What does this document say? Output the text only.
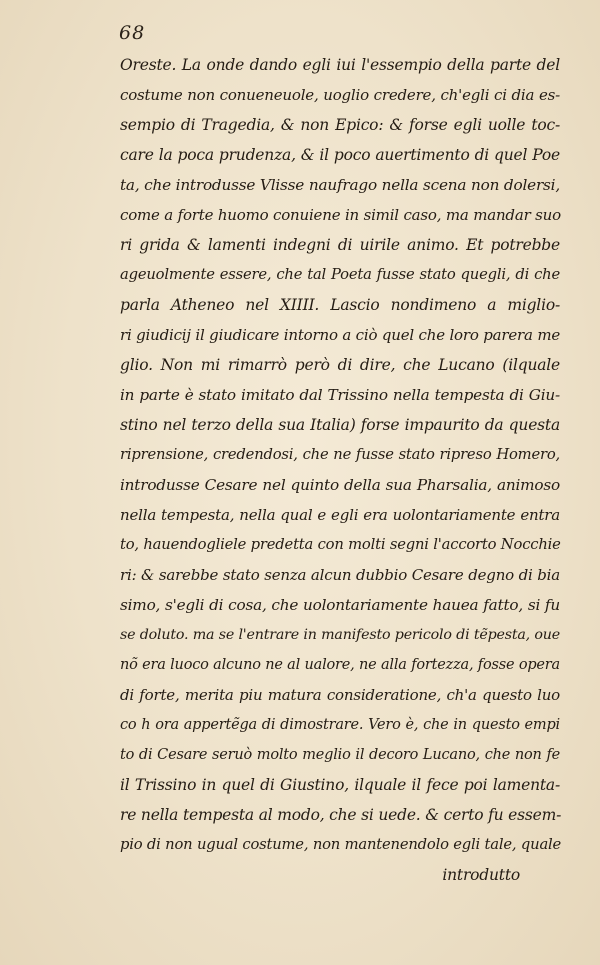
68
Oreste. La onde dando egli iui l'essempio della parte del
costume non conueneuole, uoglio credere, ch'egli ci dia es-
sempio di Tragedia, & non Epico: & forse egli uolle toc-
care la poca prudenza, & il poco auertimento di quel Poe
ta, che introdusse Vlisse naufrago nella scena non dolersi,
come a forte huomo conuiene in simil caso, ma mandar suo
ri grida & lamenti indegni di uirile animo. Et potrebbe
ageuolmente essere, che tal Poeta fusse stato quegli, di che
parla Atheneo nel XIIII. Lascio nondimeno a miglio-
ri giudicij il giudicare intorno a ciò quel che loro parera me
glio. Non mi rimarrò però di dire, che Lucano (ilquale
in parte è stato imitato dal Trissino nella tempesta di Giu-
stino nel terzo della sua Italia) forse impaurito da questa
riprensione, credendosi, che ne fusse stato ripreso Homero,
introdusse Cesare nel quinto della sua Pharsalia, animoso
nella tempesta, nella qual e egli era uolontariamente entra
to, hauendogliele predetta con molti segni l'accorto Nocchie
ri: & sarebbe stato senza alcun dubbio Cesare degno di bia
simo, s'egli di cosa, che uolontariamente hauea fatto, si fu
se doluto. ma se l'entrare in manifesto pericolo di tẽpesta, oue
nõ era luoco alcuno ne al ualore, ne alla fortezza, fosse opera
di forte, merita piu matura consideratione, ch'a questo luo
co h ora appertẽga di dimostrare. Vero è, che in questo empi
to di Cesare seruò molto meglio il decoro Lucano, che non fe
il Trissino in quel di Giustino, ilquale il fece poi lamenta-
re nella tempesta al modo, che si uede. & certo fu essem-
pio di non ugual costume, non mantenendolo egli tale, quale
introdutto
